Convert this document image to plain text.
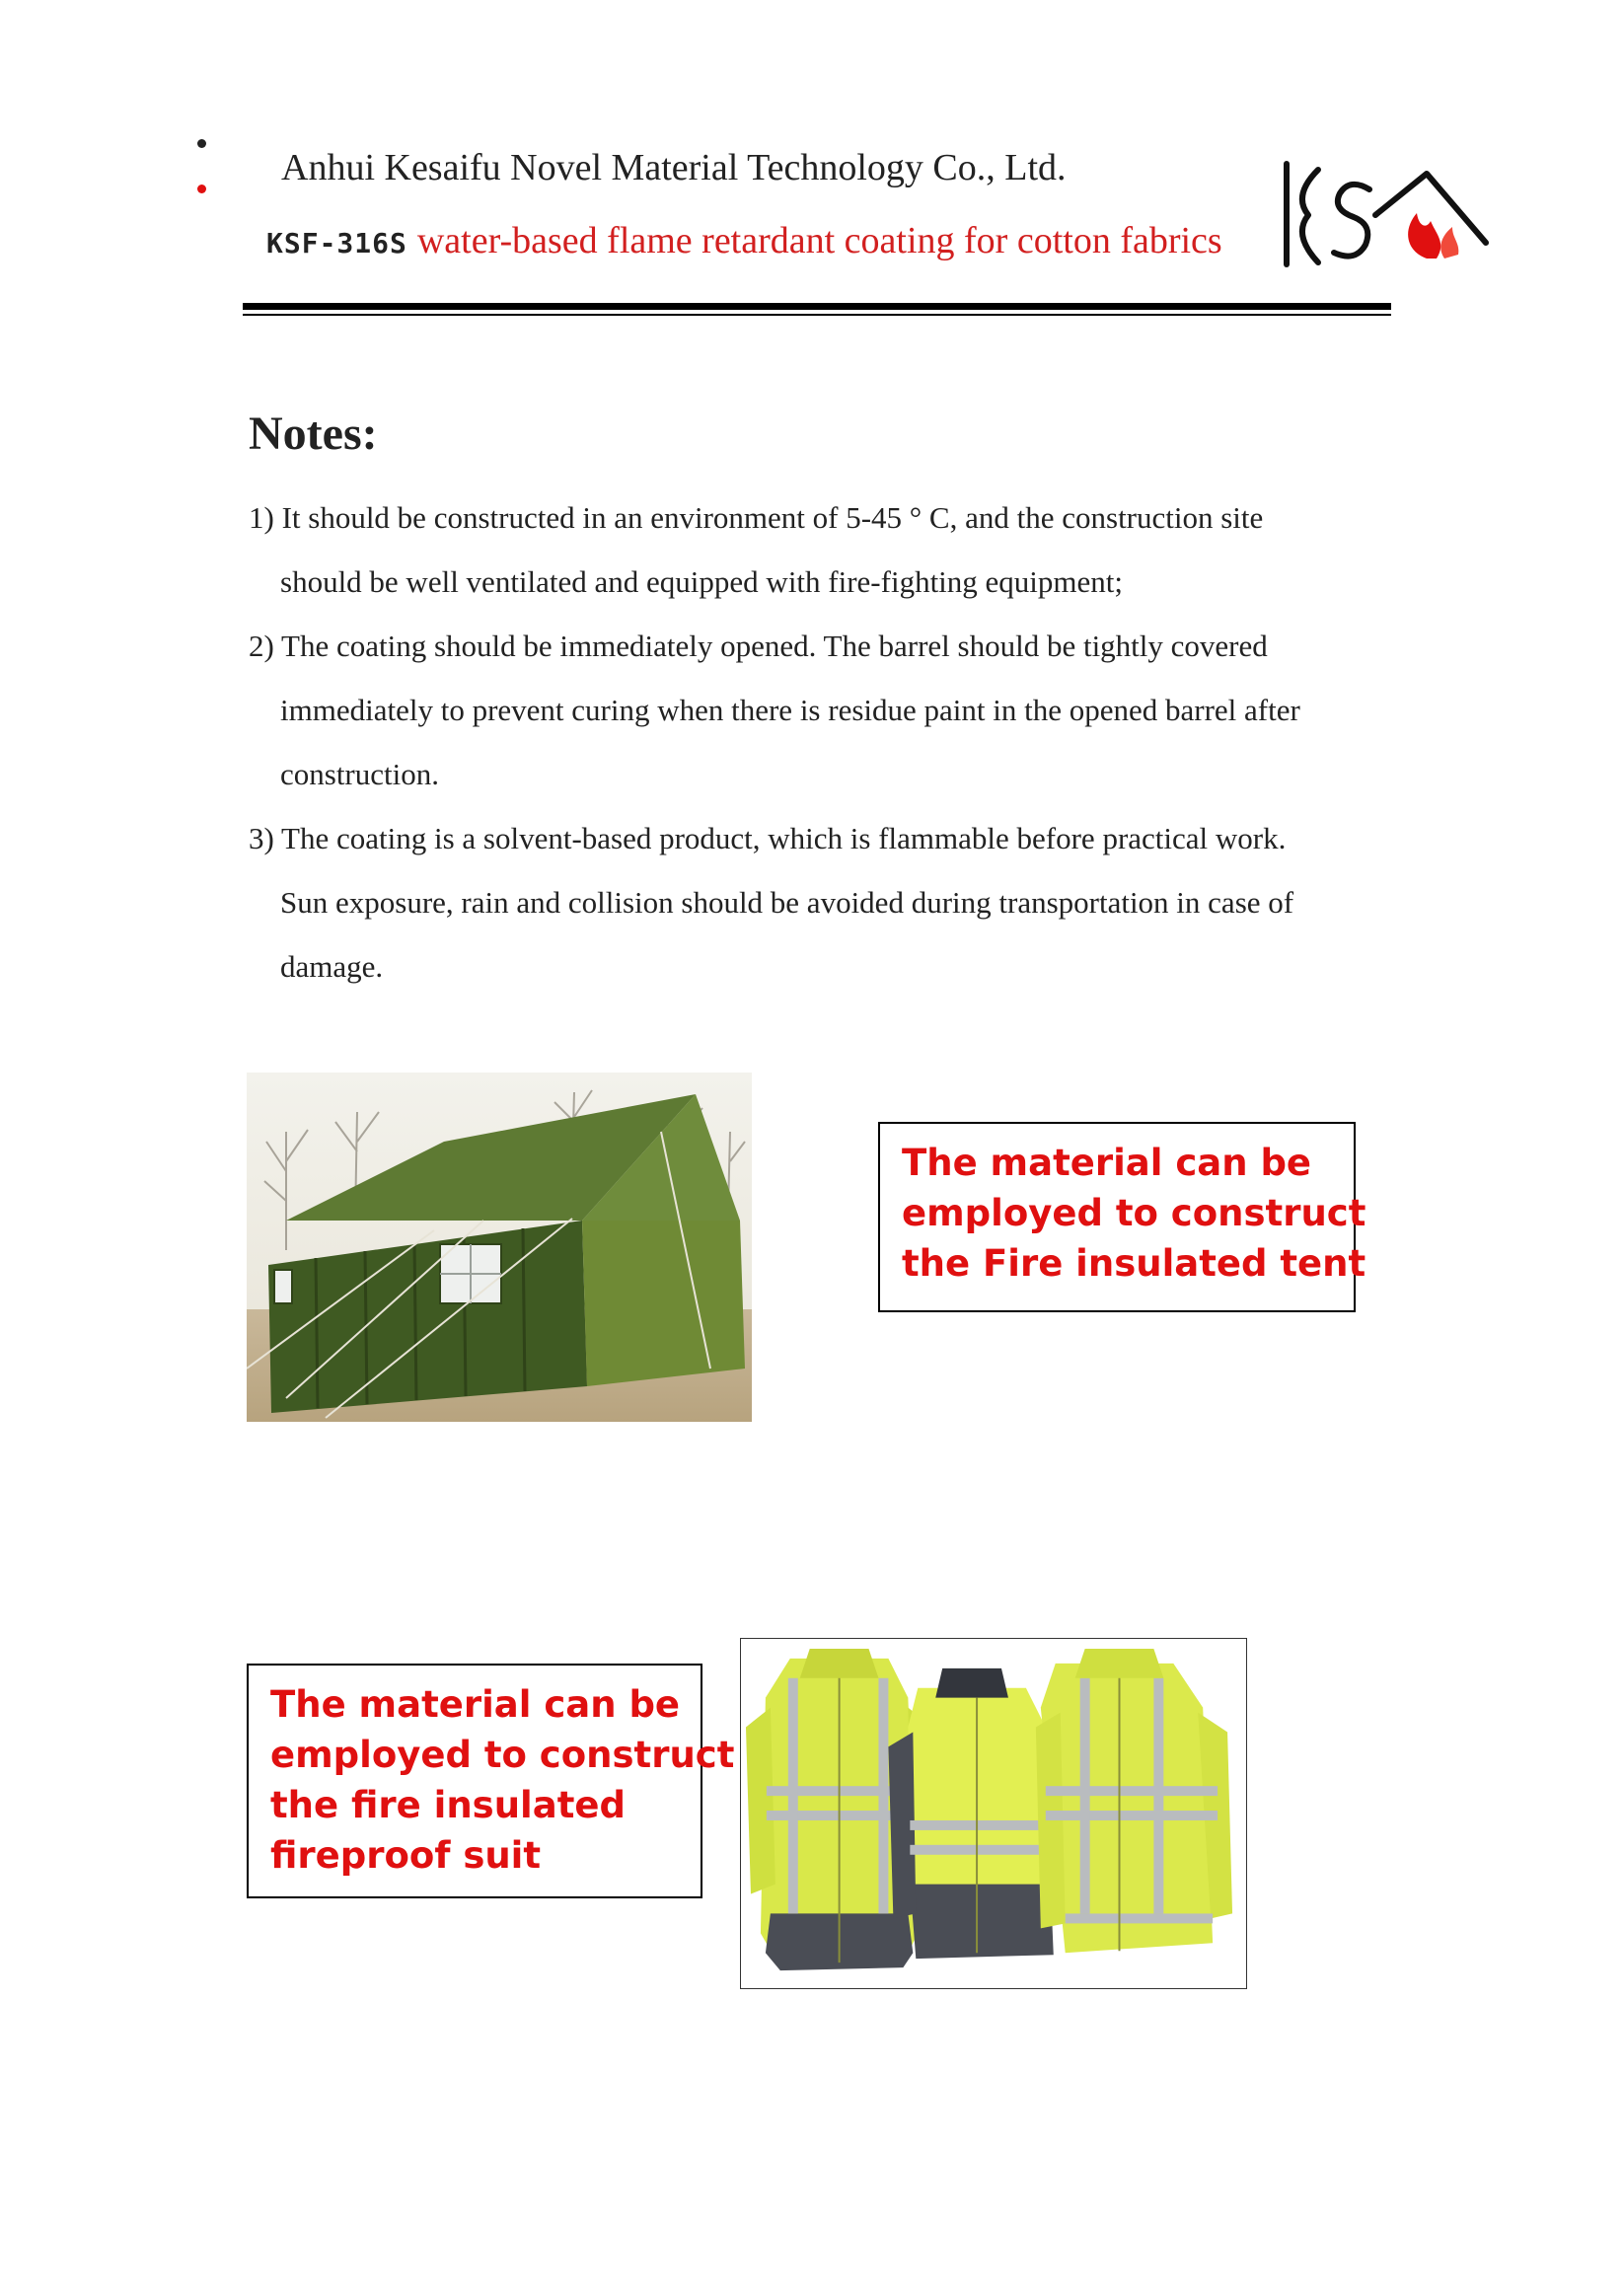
Anhui Kesaifu Novel Material Technology Co., Ltd.
KSF-316S water-based flame retardant coating for cotton fabrics
Notes:
1) It should be constructed in an environment of 5-45 ° C, and the construction site
should be well ventilated and equipped with fire-fighting equipment;
2) The coating should be immediately opened. The barrel should be tightly covered
immediately to prevent curing when there is residue paint in the opened barrel after
construction.
3) The coating is a solvent-based product, which is flammable before practical work.
Sun exposure, rain and collision should be avoided during transportation in case of
damage.
The material can be
employed to construct
the Fire insulated tent
The material can be
employed to construct
the fire insulated
fireproof suit
